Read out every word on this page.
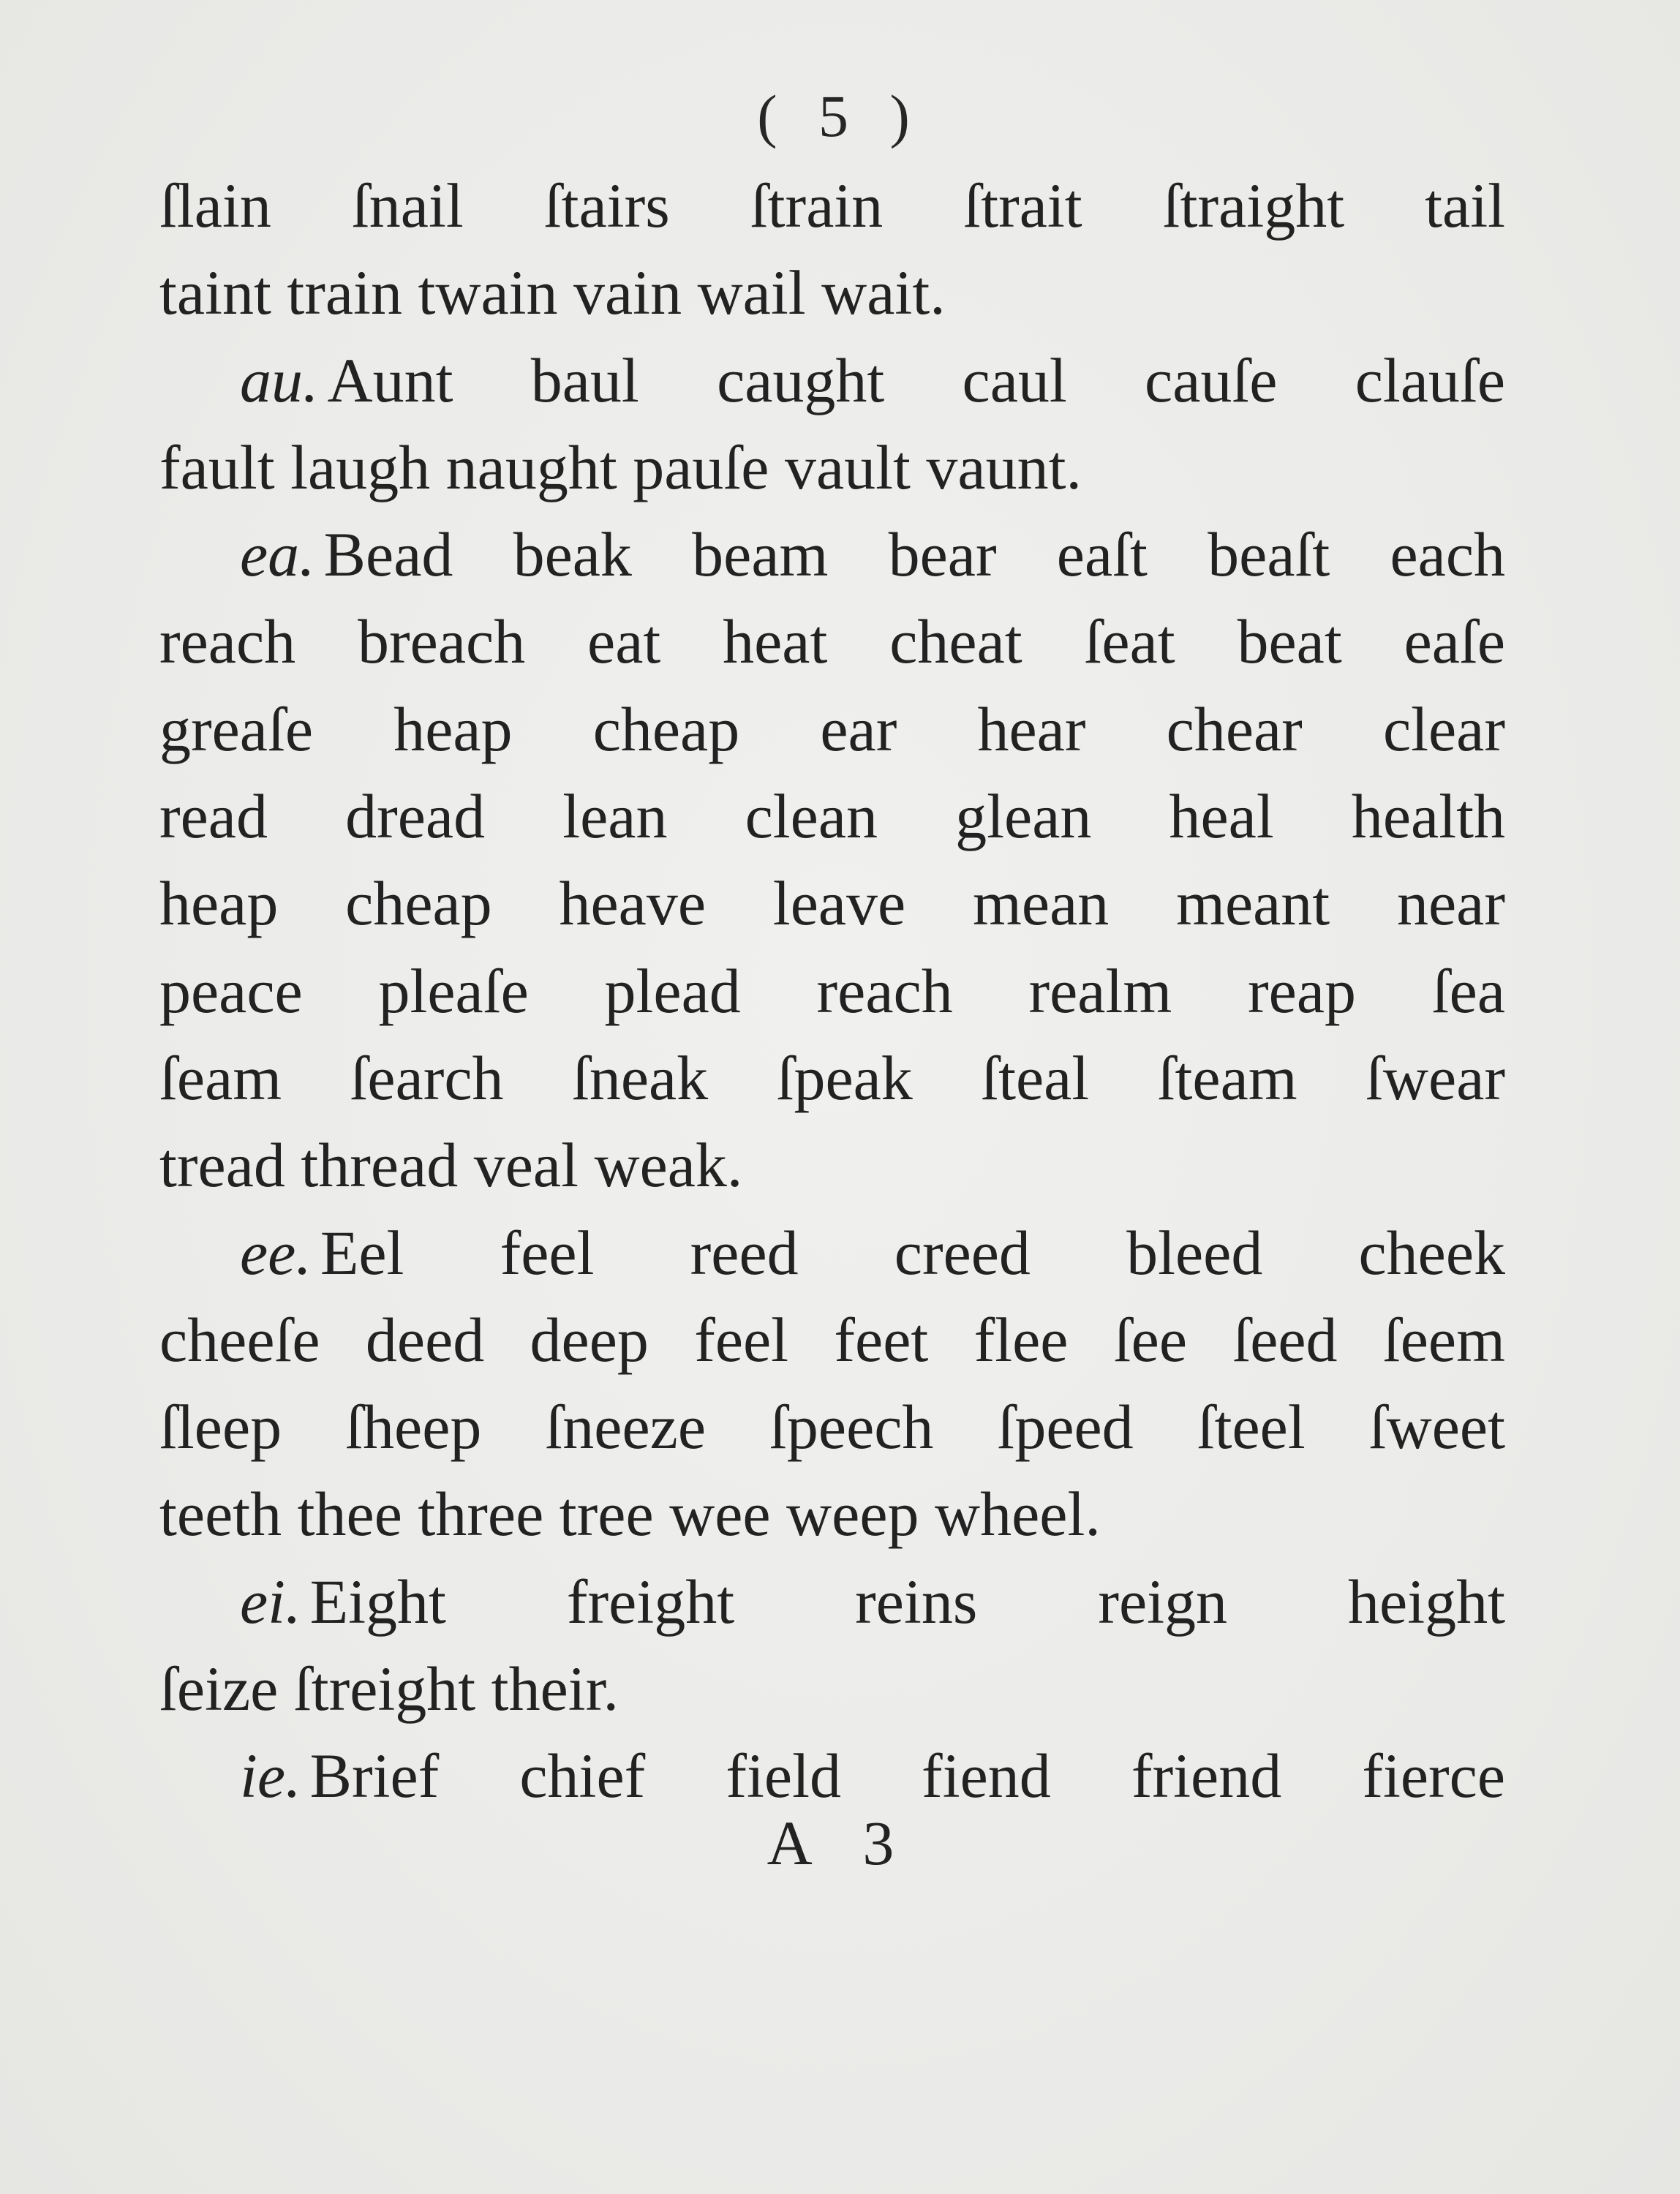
( 5 )
ſlain ſnail ſtairs ſtrain ſtrait ſtraight tail
taint train twain vain wail wait.
au. Aunt baul caught caul cauſe clauſe
fault laugh naught pauſe vault vaunt.
ea. Bead beak beam bear eaſt beaſt each
reach breach eat heat cheat ſeat beat eaſe
greaſe heap cheap ear hear chear clear
read dread lean clean glean heal health
heap cheap heave leave mean meant near
peace pleaſe plead reach realm reap ſea
ſeam ſearch ſneak ſpeak ſteal ſteam ſwear
tread thread veal weak.
ee. Eel feel reed creed bleed cheek
cheeſe deed deep feel feet flee ſee ſeed ſeem
ſleep ſheep ſneeze ſpeech ſpeed ſteel ſweet
teeth thee three tree wee weep wheel.
ei. Eight freight reins reign height
ſeize ſtreight their.
ie. Brief chief field fiend friend fierce
A 3
